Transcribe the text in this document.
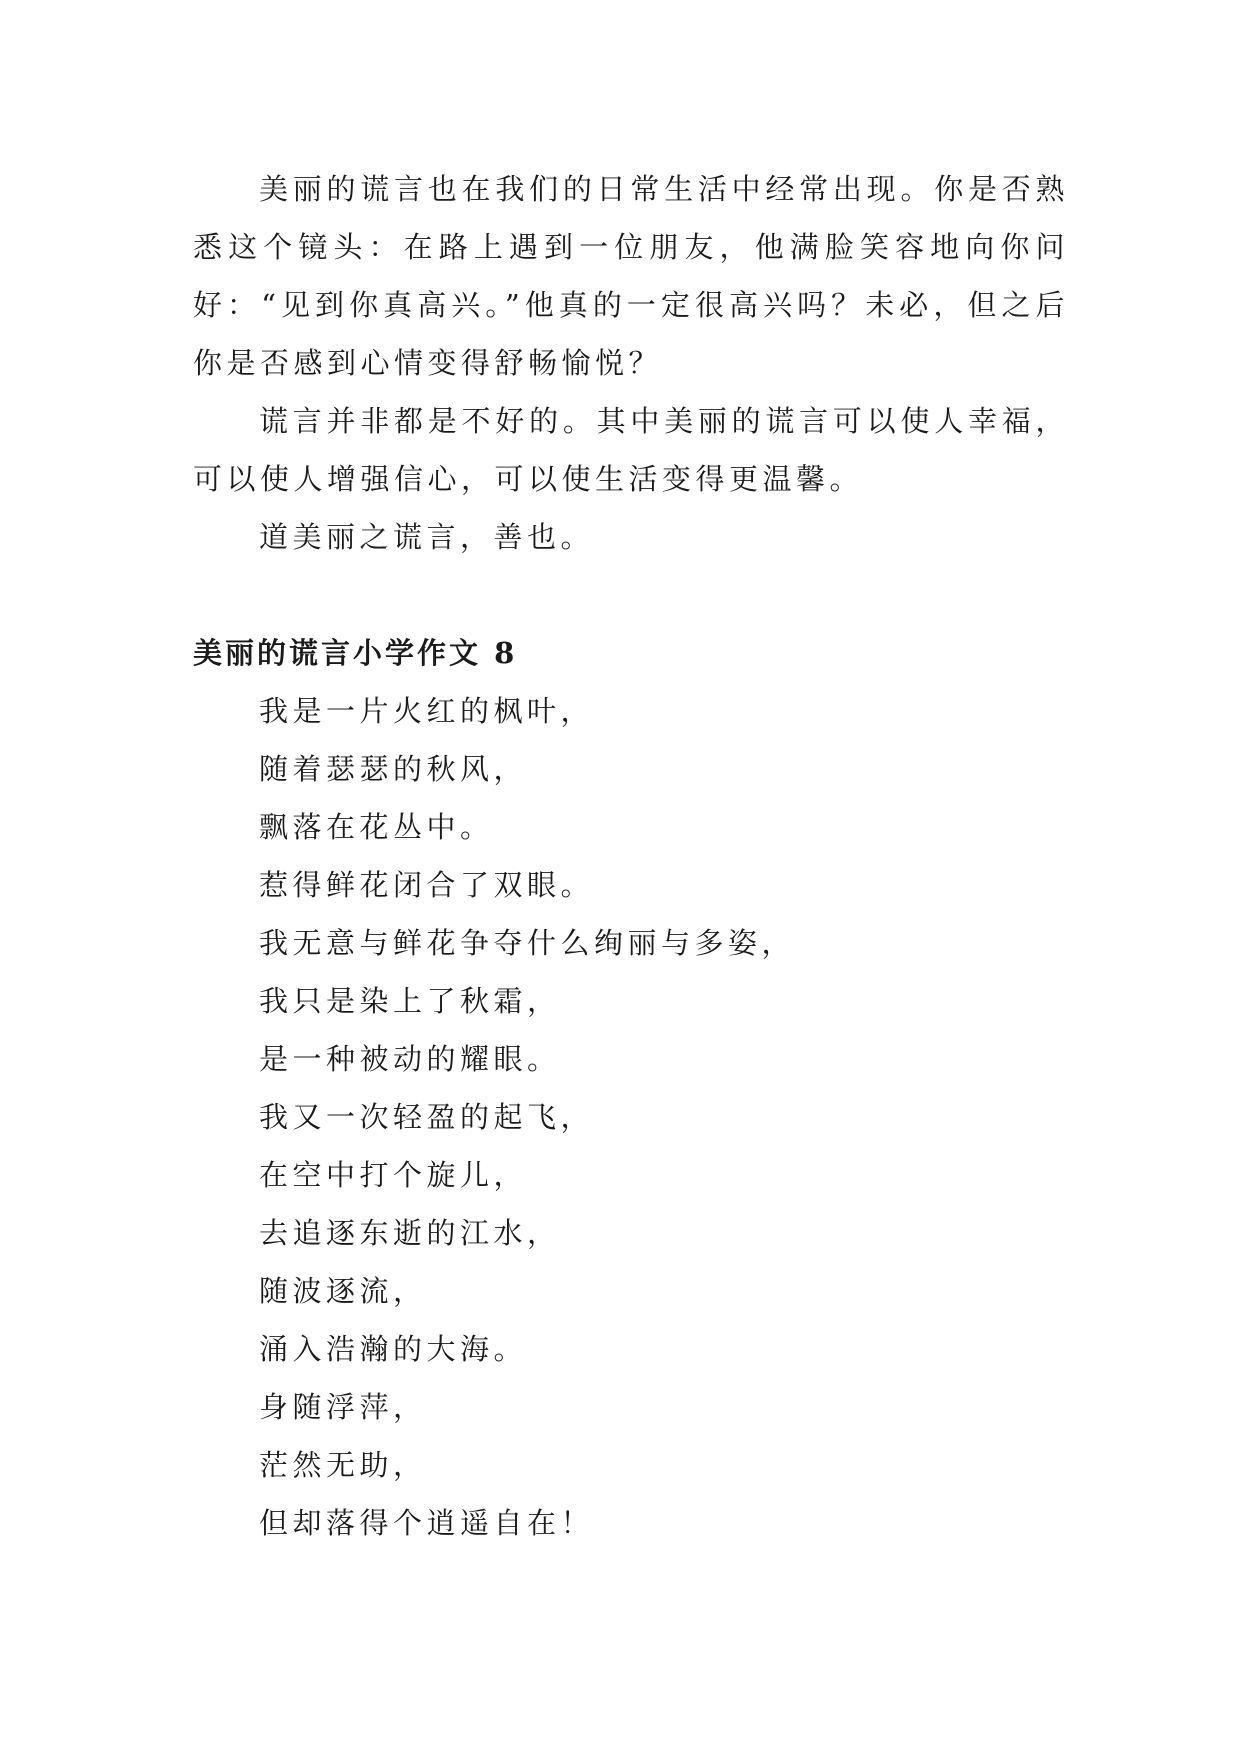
美丽的谎言也在我们的日常生活中经常出现。你是否熟悉这个镜头：在路上遇到一位朋友，他满脸笑容地向你问好：“见到你真高兴。”他真的一定很高兴吗？未必，但之后你是否感到心情变得舒畅愉悦？

谎言并非都是不好的。其中美丽的谎言可以使人幸福，可以使人增强信心，可以使生活变得更温馨。

道美丽之谎言，善也。

美丽的谎言小学作文 8
我是一片火红的枫叶，
随着瑟瑟的秋风，
飘落在花丛中。
惹得鲜花闭合了双眼。
我无意与鲜花争夺什么绚丽与多姿，
我只是染上了秋霜，
是一种被动的耀眼。
我又一次轻盈的起飞，
在空中打个旋儿，
去追逐东逝的江水，
随波逐流，
涌入浩瀚的大海。
身随浮萍，
茫然无助，
但却落得个逍遥自在！
